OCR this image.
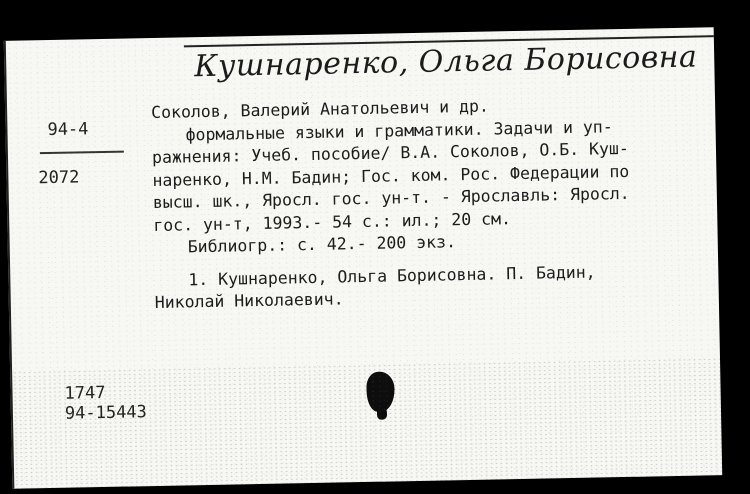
Кушнаренко, Ольга Борисовна
94-4
2072

Соколов, Валерий Анатольевич и др.

формальные языки и грамматики. Задачи и уп-

ражнения: Учеб. пособие/ В.А. Соколов, О.Б. Куш-

наренко, Н.М. Бадин; Гос. ком. Рос. Федерации по

высш. шк., Яросл. гос. ун-т. - Ярославль: Яросл.

гос. ун-т, 1993.- 54 с.: ил.; 20 см.

Библиогр.: с. 42.- 200 экз.

1. Кушнаренко, Ольга Борисовна. П. Бадин,

Николай Николаевич.

1747
94-15443
